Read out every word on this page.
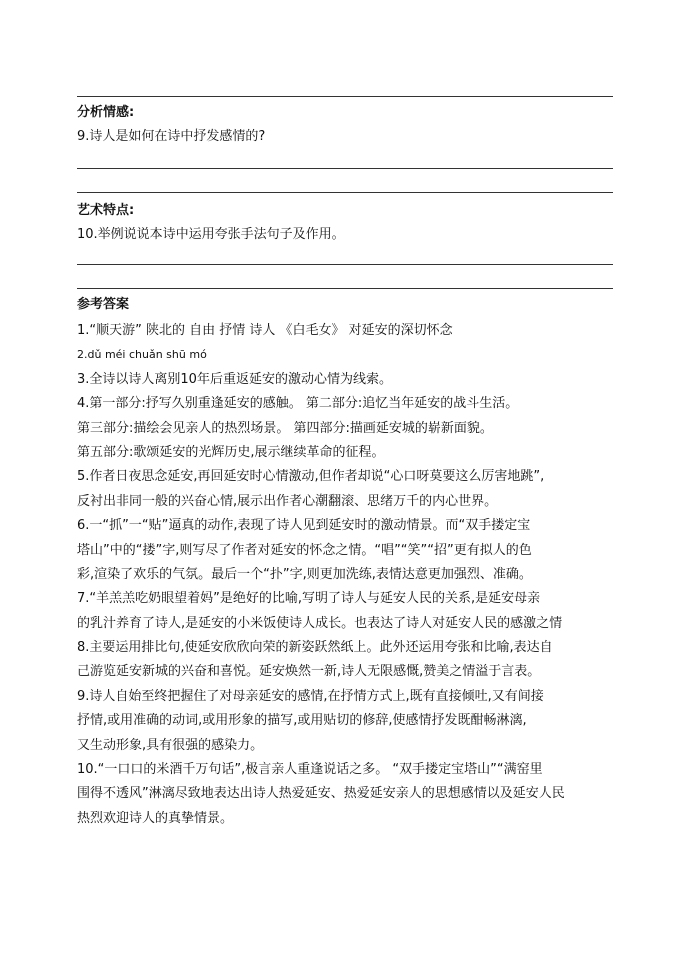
分析情感:
9.诗人是如何在诗中抒发感情的?
艺术特点:
10.举例说说本诗中运用夸张手法句子及作用。
参考答案
1.“顺天游” 陕北的 自由 抒情 诗人 《白毛女》 对延安的深切怀念
2.dǔ méi chuǎn shū mó
3.全诗以诗人离别10年后重返延安的激动心情为线索。
4.第一部分:抒写久别重逢延安的感触。 第二部分:追忆当年延安的战斗生活。
第三部分:描绘会见亲人的热烈场景。 第四部分:描画延安城的崭新面貌。
第五部分:歌颂延安的光辉历史,展示继续革命的征程。
5.作者日夜思念延安,再回延安时心情激动,但作者却说“心口呀莫要这么厉害地跳”,
反衬出非同一般的兴奋心情,展示出作者心潮翻滚、思绪万千的内心世界。
6.一“抓”一“贴”逼真的动作,表现了诗人见到延安时的激动情景。而“双手搂定宝
塔山”中的“搂”字,则写尽了作者对延安的怀念之情。“唱”“笑”“招”更有拟人的色
彩,渲染了欢乐的气氛。最后一个“扑”字,则更加洗练,表情达意更加强烈、准确。
7.“羊羔羔吃奶眼望着妈”是绝好的比喻,写明了诗人与延安人民的关系,是延安母亲
的乳汁养育了诗人,是延安的小米饭使诗人成长。也表达了诗人对延安人民的感激之情
8.主要运用排比句,使延安欣欣向荣的新姿跃然纸上。此外还运用夸张和比喻,表达自
己游览延安新城的兴奋和喜悦。延安焕然一新,诗人无限感慨,赞美之情溢于言表。
9.诗人自始至终把握住了对母亲延安的感情,在抒情方式上,既有直接倾吐,又有间接
抒情,或用准确的动词,或用形象的描写,或用贴切的修辞,使感情抒发既酣畅淋漓,
又生动形象,具有很强的感染力。
10.“一口口的米酒千万句话”,极言亲人重逢说话之多。 “双手搂定宝塔山”“满窑里
围得不透风”淋漓尽致地表达出诗人热爱延安、热爱延安亲人的思想感情以及延安人民
热烈欢迎诗人的真挚情景。
